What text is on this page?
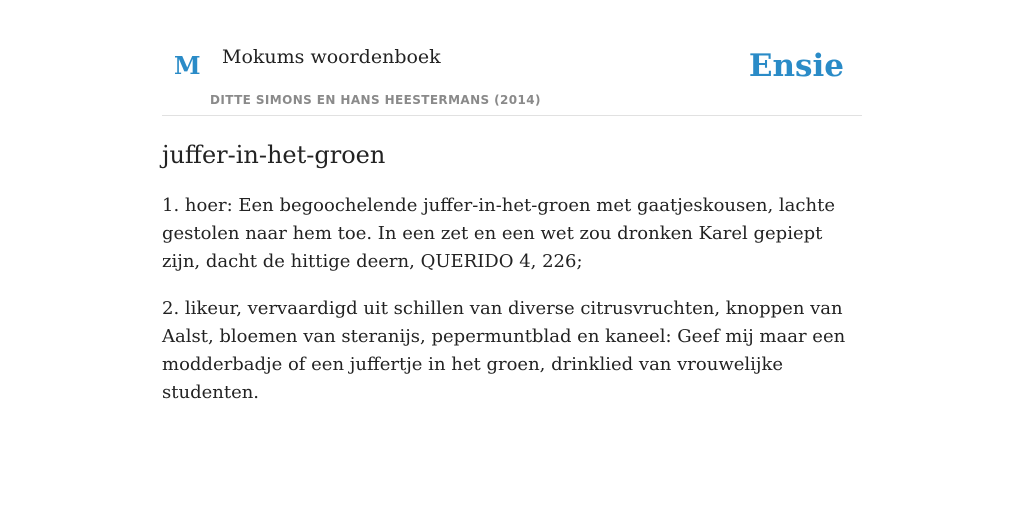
M Mokums woordenboek
DITTE SIMONS EN HANS HEESTERMANS (2014)
Ensie
juffer-in-het-groen

1. hoer: Een begoochelende juffer-in-het-groen met gaatjeskousen, lachte gestolen naar hem toe. In een zet en een wet zou dronken Karel gepiept zijn, dacht de hittige deern, QUERIDO 4, 226;

2. likeur, vervaardigd uit schillen van diverse citrusvruchten, knoppen van Aalst, bloemen van steranijs, pepermuntblad en kaneel: Geef mij maar een modderbadje of een juffertje in het groen, drinklied van vrouwelijke studenten.
